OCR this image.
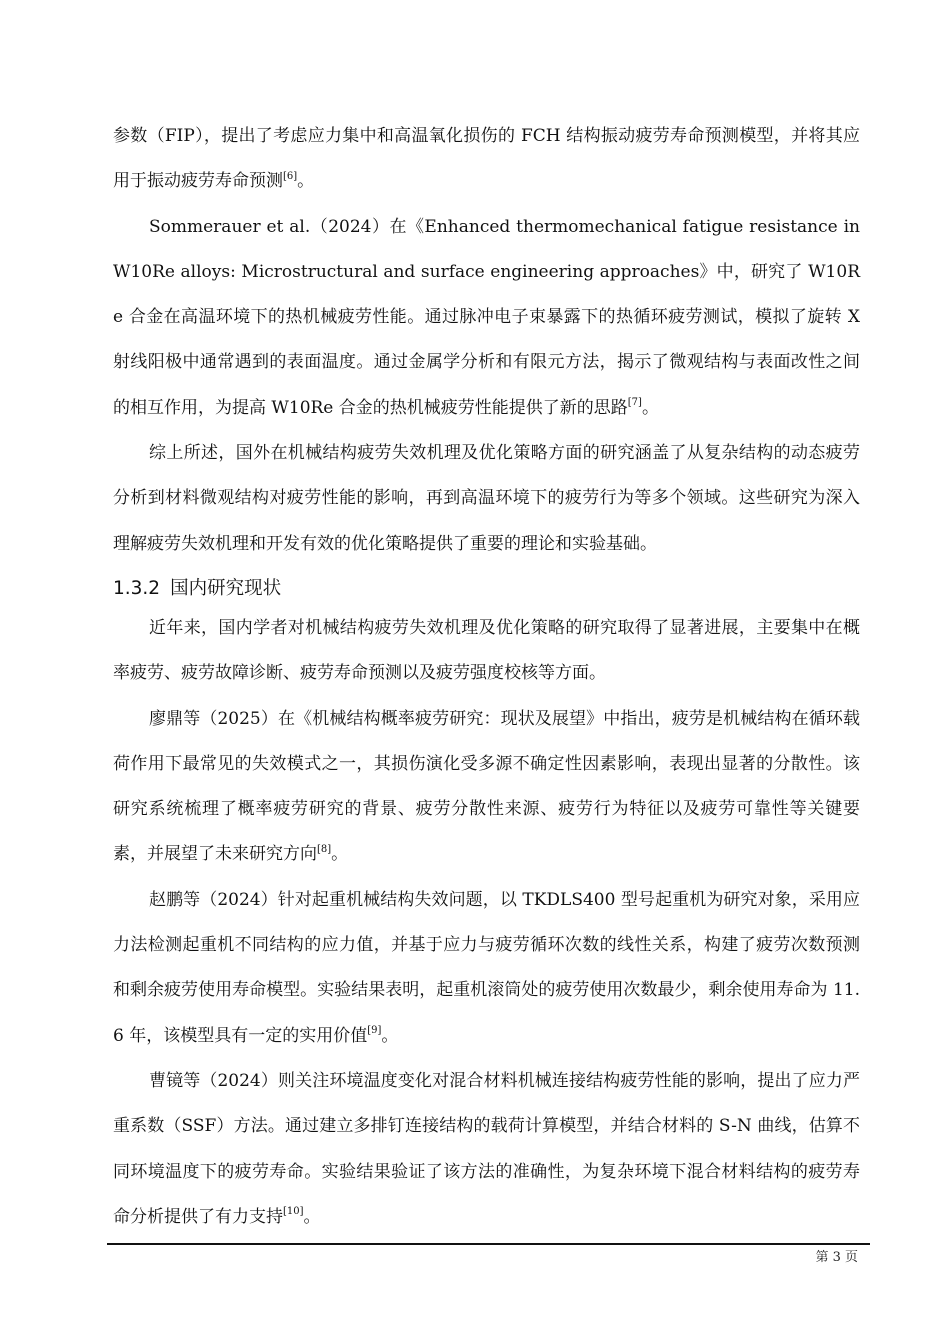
参数（FIP），提出了考虑应力集中和高温氧化损伤的 FCH 结构振动疲劳寿命预测模型，并将其应用于振动疲劳寿命预测[6]。

Sommerauer et al.（2024）在《Enhanced thermomechanical fatigue resistance in W10Re alloys: Microstructural and surface engineering approaches》中，研究了 W10Re 合金在高温环境下的热机械疲劳性能。通过脉冲电子束暴露下的热循环疲劳测试，模拟了旋转 X 射线阳极中通常遇到的表面温度。通过金属学分析和有限元方法，揭示了微观结构与表面改性之间的相互作用，为提高 W10Re 合金的热机械疲劳性能提供了新的思路[7]。

综上所述，国外在机械结构疲劳失效机理及优化策略方面的研究涵盖了从复杂结构的动态疲劳分析到材料微观结构对疲劳性能的影响，再到高温环境下的疲劳行为等多个领域。这些研究为深入理解疲劳失效机理和开发有效的优化策略提供了重要的理论和实验基础。

1.3.2 国内研究现状

近年来，国内学者对机械结构疲劳失效机理及优化策略的研究取得了显著进展，主要集中在概率疲劳、疲劳故障诊断、疲劳寿命预测以及疲劳强度校核等方面。

廖鼎等（2025）在《机械结构概率疲劳研究：现状及展望》中指出，疲劳是机械结构在循环载荷作用下最常见的失效模式之一，其损伤演化受多源不确定性因素影响，表现出显著的分散性。该研究系统梳理了概率疲劳研究的背景、疲劳分散性来源、疲劳行为特征以及疲劳可靠性等关键要素，并展望了未来研究方向[8]。

赵鹏等（2024）针对起重机械结构失效问题，以 TKDLS400 型号起重机为研究对象，采用应力法检测起重机不同结构的应力值，并基于应力与疲劳循环次数的线性关系，构建了疲劳次数预测和剩余疲劳使用寿命模型。实验结果表明，起重机滚筒处的疲劳使用次数最少，剩余使用寿命为 11.6 年，该模型具有一定的实用价值[9]。

曹镜等（2024）则关注环境温度变化对混合材料机械连接结构疲劳性能的影响，提出了应力严重系数（SSF）方法。通过建立多排钉连接结构的载荷计算模型，并结合材料的 S-N 曲线，估算不同环境温度下的疲劳寿命。实验结果验证了该方法的准确性，为复杂环境下混合材料结构的疲劳寿命分析提供了有力支持[10]。

第 3 页
